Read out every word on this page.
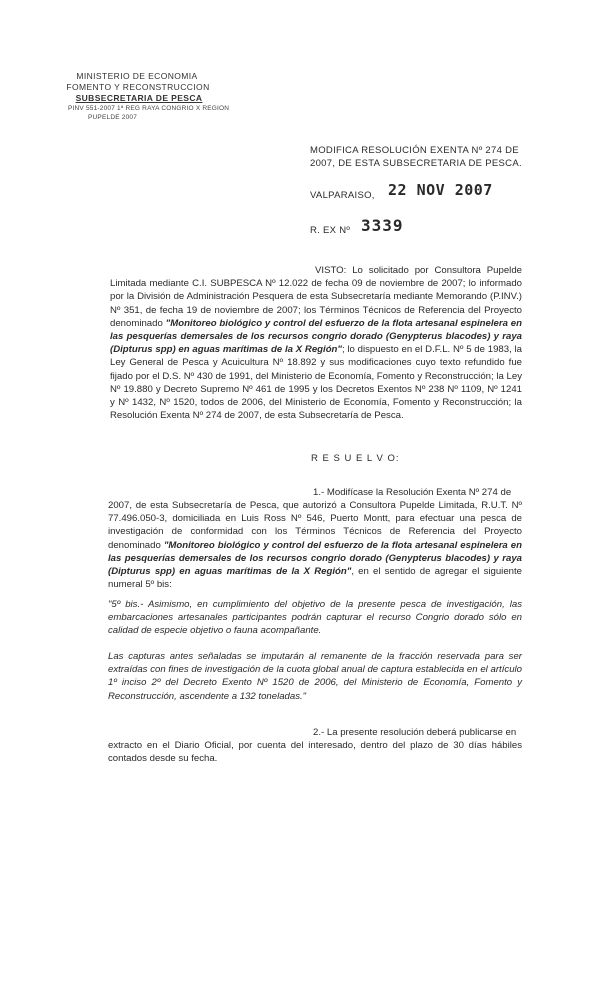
MINISTERIO DE ECONOMIA
FOMENTO Y RECONSTRUCCION
SUBSECRETARIA DE PESCA
PINV 551-2007 1ª REG RAYA CONGRIO X REGION
PUPELDE 2007
MODIFICA RESOLUCIÓN EXENTA Nº 274 DE
2007, DE ESTA SUBSECRETARIA DE PESCA.
VALPARAISO, 22 NOV 2007
R. EX Nº 3339
VISTO: Lo solicitado por Consultora Pupelde Limitada mediante C.I. SUBPESCA Nº 12.022 de fecha 09 de noviembre de 2007; lo informado por la División de Administración Pesquera de esta Subsecretaría mediante Memorando (P.INV.) Nº 351, de fecha 19 de noviembre de 2007; los Términos Técnicos de Referencia del Proyecto denominado "Monitoreo biológico y control del esfuerzo de la flota artesanal espinelera en las pesquerías demersales de los recursos congrio dorado (Genypterus blacodes) y raya (Dipturus spp) en aguas marítimas de la X Región"; lo dispuesto en el D.F.L. Nº 5 de 1983, la Ley General de Pesca y Acuicultura Nº 18.892 y sus modificaciones cuyo texto refundido fue fijado por el D.S. Nº 430 de 1991, del Ministerio de Economía, Fomento y Reconstrucción; la Ley Nº 19.880 y Decreto Supremo Nº 461 de 1995 y los Decretos Exentos Nº 238 Nº 1109, Nº 1241 y Nº 1432, Nº 1520, todos de 2006, del Ministerio de Economía, Fomento y Reconstrucción; la Resolución Exenta Nº 274 de 2007, de esta Subsecretaría de Pesca.
R E S U E L V O:
1.- Modifícase la Resolución Exenta Nº 274 de
2007, de esta Subsecretaría de Pesca, que autorizó a Consultora Pupelde Limitada, R.U.T. Nº 77.496.050-3, domiciliada en Luis Ross Nº 546, Puerto Montt, para efectuar una pesca de investigación de conformidad con los Términos Técnicos de Referencia del Proyecto denominado "Monitoreo biológico y control del esfuerzo de la flota artesanal espinelera en las pesquerías demersales de los recursos congrio dorado (Genypterus blacodes) y raya (Dipturus spp) en aguas marítimas de la X Región", en el sentido de agregar el siguiente numeral 5º bis:
"5º bis.- Asimismo, en cumplimiento del objetivo de la presente pesca de investigación, las embarcaciones artesanales participantes podrán capturar el recurso Congrio dorado sólo en calidad de especie objetivo o fauna acompañante.
Las capturas antes señaladas se imputarán al remanente de la fracción reservada para ser extraídas con fines de investigación de la cuota global anual de captura establecida en el artículo 1º inciso 2º del Decreto Exento Nº 1520 de 2006, del Ministerio de Economía, Fomento y Reconstrucción, ascendente a 132 toneladas."
2.- La presente resolución deberá publicarse en
extracto en el Diario Oficial, por cuenta del interesado, dentro del plazo de 30 días hábiles contados desde su fecha.
